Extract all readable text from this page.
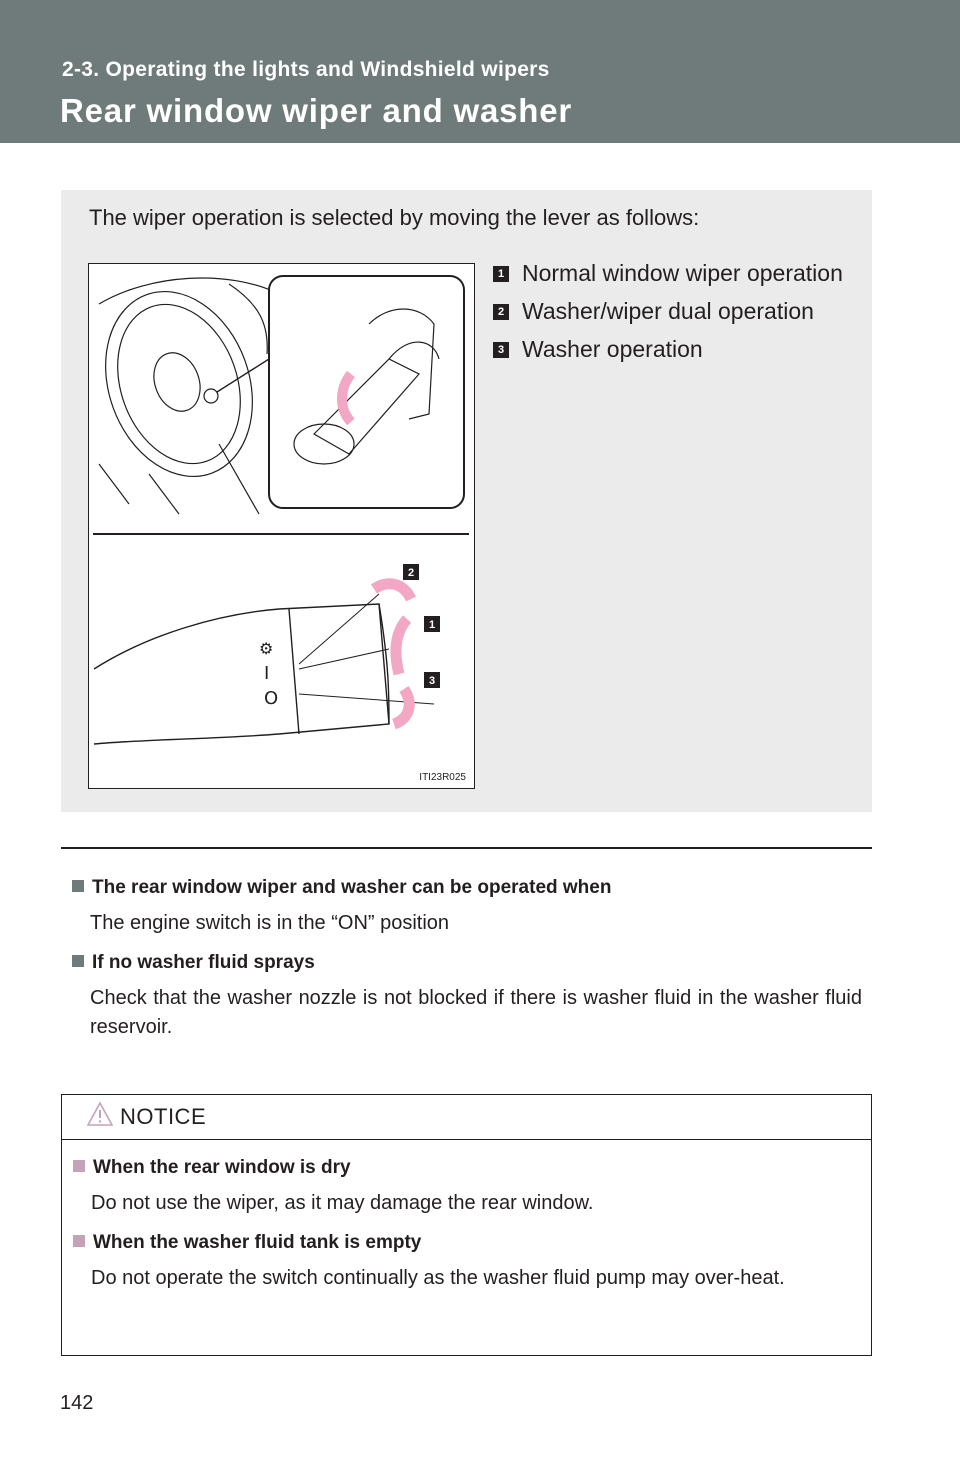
2-3. Operating the lights and Windshield wipers
Rear window wiper and washer
The wiper operation is selected by moving the lever as follows:
⚙
I
O
2
1
3
ITI23R025
1 Normal window wiper operation
2 Washer/wiper dual operation
3 Washer operation

The rear window wiper and washer can be operated when

The engine switch is in the “ON” position

If no washer fluid sprays

Check that the washer nozzle is not blocked if there is washer fluid in the washer fluid reservoir.

NOTICE

When the rear window is dry

Do not use the wiper, as it may damage the rear window.

When the washer fluid tank is empty

Do not operate the switch continually as the washer fluid pump may over-heat.

142
